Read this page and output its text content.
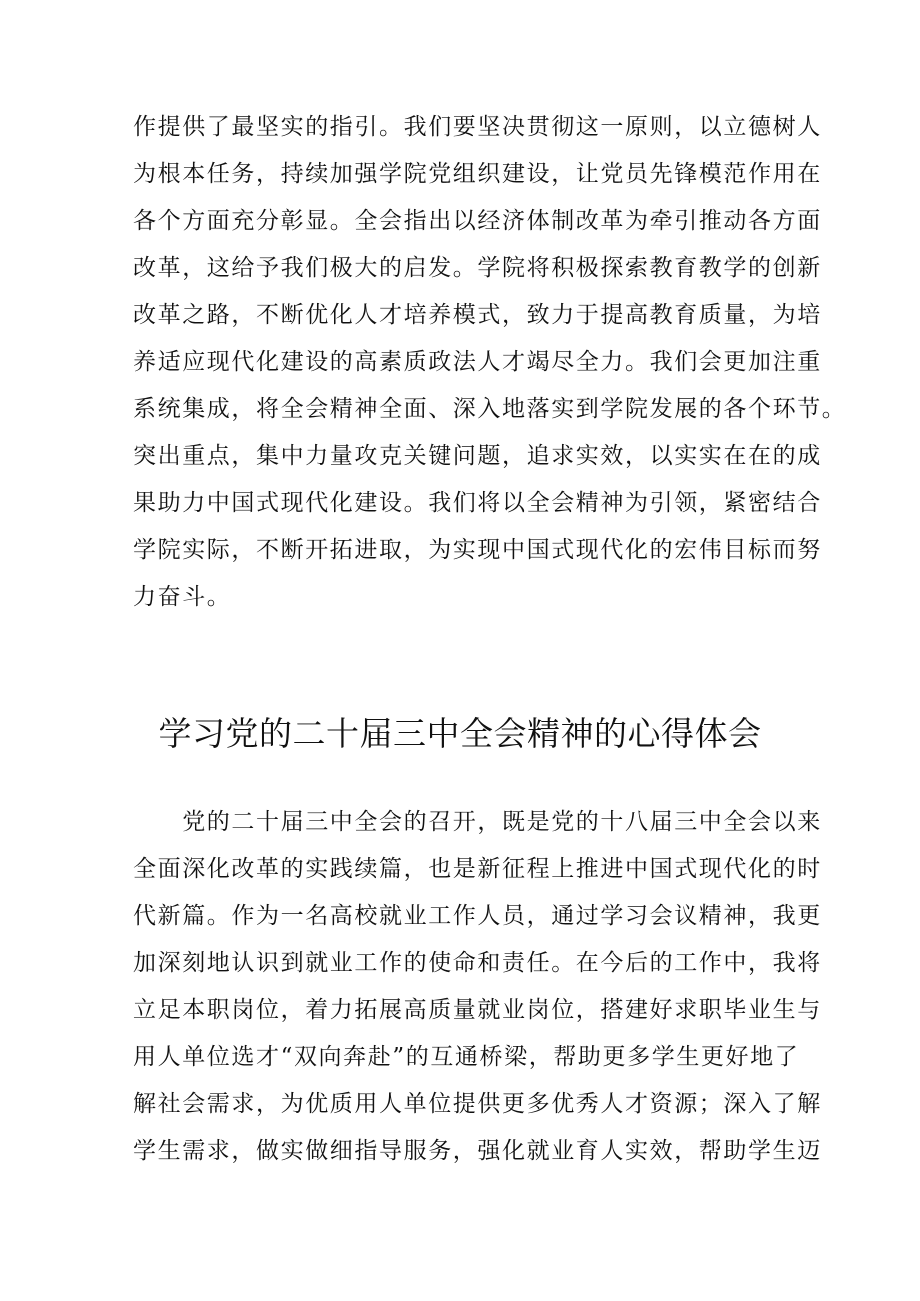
作提供了最坚实的指引。我们要坚决贯彻这一原则，以立德树人
为根本任务，持续加强学院党组织建设，让党员先锋模范作用在
各个方面充分彰显。全会指出以经济体制改革为牵引推动各方面
改革，这给予我们极大的启发。学院将积极探索教育教学的创新
改革之路，不断优化人才培养模式，致力于提高教育质量，为培
养适应现代化建设的高素质政法人才竭尽全力。我们会更加注重
系统集成，将全会精神全面、深入地落实到学院发展的各个环节。
突出重点，集中力量攻克关键问题，追求实效，以实实在在的成
果助力中国式现代化建设。我们将以全会精神为引领，紧密结合
学院实际，不断开拓进取，为实现中国式现代化的宏伟目标而努
力奋斗。
学习党的二十届三中全会精神的心得体会
　　党的二十届三中全会的召开，既是党的十八届三中全会以来
全面深化改革的实践续篇，也是新征程上推进中国式现代化的时
代新篇。作为一名高校就业工作人员，通过学习会议精神，我更
加深刻地认识到就业工作的使命和责任。在今后的工作中，我将
立足本职岗位，着力拓展高质量就业岗位，搭建好求职毕业生与
用人单位选才“双向奔赴”的互通桥梁，帮助更多学生更好地了
解社会需求，为优质用人单位提供更多优秀人才资源；深入了解
学生需求，做实做细指导服务，强化就业育人实效，帮助学生迈
